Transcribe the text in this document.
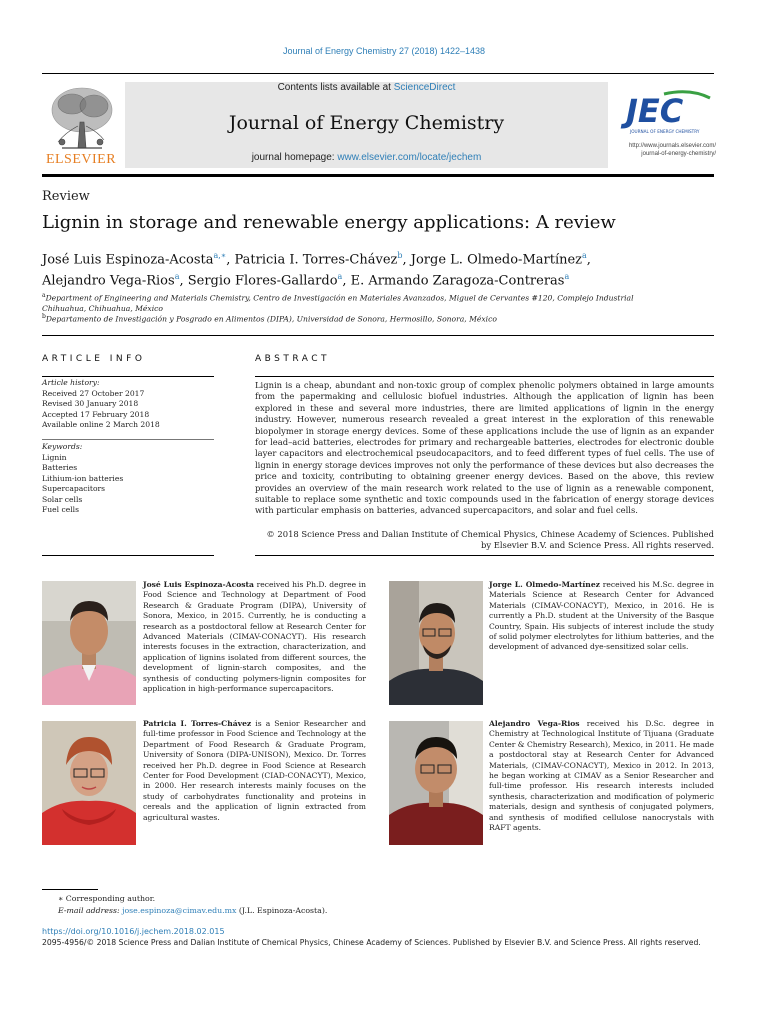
Journal of Energy Chemistry 27 (2018) 1422–1438
ELSEVIER
Contents lists available at ScienceDirect
Journal of Energy Chemistry
journal homepage: www.elsevier.com/locate/jechem
JEC
JOURNAL OF ENERGY CHEMISTRY
http://www.journals.elsevier.com/
journal-of-energy-chemistry/
Review
Lignin in storage and renewable energy applications: A review
José Luis Espinoza-Acosta$^{a,∗}$, Patricia I. Torres-Chávez$^b$, Jorge L. Olmedo-Martínez$^a$,
Alejandro Vega-Rios$^a$, Sergio Flores-Gallardo$^a$, E. Armando Zaragoza-Contreras$^a$
$^a$Department of Engineering and Materials Chemistry, Centro de Investigación en Materiales Avanzados, Miguel de Cervantes #120, Complejo Industrial
Chihuahua, Chihuahua, México
$^b$Departamento de Investigación y Posgrado en Alimentos (DIPA), Universidad de Sonora, Hermosillo, Sonora, México
ARTICLE INFO	ABSTRACT
Article history:
Received 27 October 2017
Revised 30 January 2018
Accepted 17 February 2018
Available online 2 March 2018
Keywords:
Lignin
Batteries
Lithium-ion batteries
Supercapacitors
Solar cells
Fuel cells
Lignin is a cheap, abundant and non-toxic group of complex phenolic polymers obtained in large amounts from the papermaking and cellulosic biofuel industries. Although the application of lignin has been explored in these and several more industries, there are limited applications of lignin in the energy industry. However, numerous research revealed a great interest in the exploration of this renewable biopolymer in storage energy devices. Some of these applications include the use of lignin as an expander for lead–acid batteries, electrodes for primary and rechargeable batteries, electrodes for electronic double layer capacitors and electrochemical pseudocapacitors, and to feed different types of fuel cells. The use of lignin in energy storage devices improves not only the performance of these devices but also decreases the price and toxicity, contributing to obtaining greener energy devices. Based on the above, this review provides an overview of the main research work related to the use of lignin as a renewable component, suitable to replace some synthetic and toxic compounds used in the fabrication of energy storage devices with particular emphasis on batteries, advanced supercapacitors, and solar and fuel cells.
© 2018 Science Press and Dalian Institute of Chemical Physics, Chinese Academy of Sciences. Published
by Elsevier B.V. and Science Press. All rights reserved.
José Luis Espinoza-Acosta received his Ph.D. degree in Food Science and Technology at Department of Food Research & Graduate Program (DIPA), University of Sonora, Mexico, in 2015. Currently, he is conducting a research as a postdoctoral fellow at Research Center for Advanced Materials (CIMAV-CONACYT). His research interests focuses in the extraction, characterization, and application of lignins isolated from different sources, the development of lignin-starch composites, and the synthesis of conducting polymers-lignin composites for application in high-performance supercapacitors.
Jorge L. Olmedo-Martínez received his M.Sc. degree in Materials Science at Research Center for Advanced Materials (CIMAV-CONACYT), Mexico, in 2016. He is currently a Ph.D. student at the University of the Basque Country, Spain. His subjects of interest include the study of solid polymer electrolytes for lithium batteries, and the development of advanced dye-sensitized solar cells.
Patricia I. Torres-Chávez is a Senior Researcher and full-time professor in Food Science and Technology at the Department of Food Research & Graduate Program, University of Sonora (DIPA-UNISON), Mexico. Dr. Torres received her Ph.D. degree in Food Science at Research Center for Food Development (CIAD-CONACYT), Mexico, in 2000. Her research interests mainly focuses on the study of carbohydrates functionality and proteins in cereals and the application of lignin extracted from agricultural wastes.
Alejandro Vega-Rios received his D.Sc. degree in Chemistry at Technological Institute of Tijuana (Graduate Center & Chemistry Research), Mexico, in 2011. He made a postdoctoral stay at Research Center for Advanced Materials, (CIMAV-CONACYT), Mexico in 2012. In 2013, he began working at CIMAV as a Senior Researcher and full-time professor. His research interests included synthesis, characterization and modification of polymeric materials, design and synthesis of conjugated polymers, and synthesis of modified cellulose nanocrystals with RAFT agents.
∗ Corresponding author.
E-mail address: jose.espinoza@cimav.edu.mx (J.L. Espinoza-Acosta).
https://doi.org/10.1016/j.jechem.2018.02.015
2095-4956/© 2018 Science Press and Dalian Institute of Chemical Physics, Chinese Academy of Sciences. Published by Elsevier B.V. and Science Press. All rights reserved.
